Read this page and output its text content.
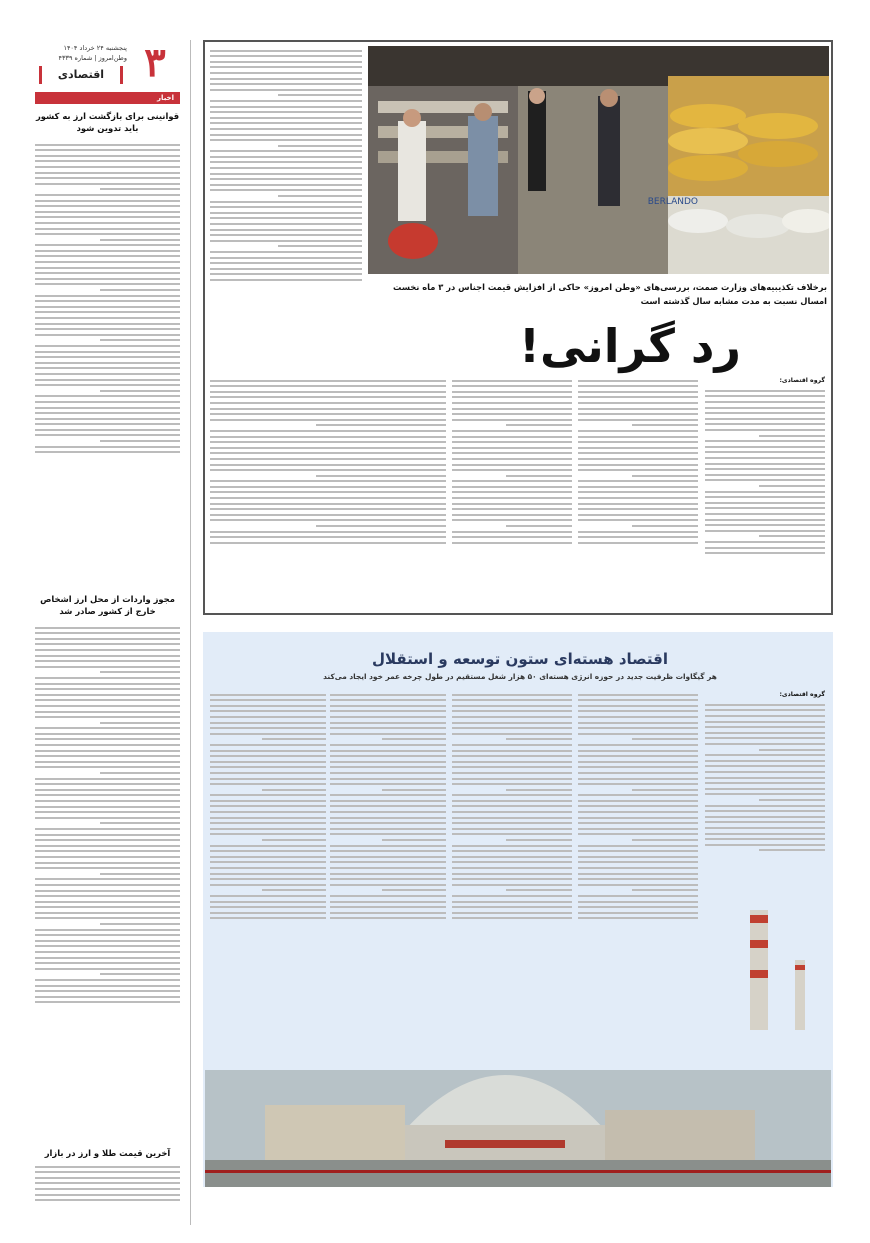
۳
پنجشنبه ۲۴ خرداد ۱۴۰۴
وطن‌امروز | شماره ۴۳۳۹
اقتصادی
اخبار
قوانینی برای بازگشت ارز به کشور باید تدوین شود
مجوز واردات از محل ارز اشخاص خارج از کشور صادر شد
آخرین قیمت طلا و ارز در بازار
BERLANDO
برخلاف تکذیبیه‌های وزارت صمت، بررسی‌های «وطن امروز» حاکی از افزایش قیمت اجناس در ۳ ماه نخست امسال نسبت به مدت مشابه سال گذشته است
رد گرانی!
گروه اقتصادی:
اقتصاد هسته‌ای ستون توسعه و استقلال
هر گیگاوات ظرفیت جدید در حوزه انرژی هسته‌ای ۵۰ هزار شغل مستقیم در طول چرخه عمر خود ایجاد می‌کند
گروه اقتصادی:
